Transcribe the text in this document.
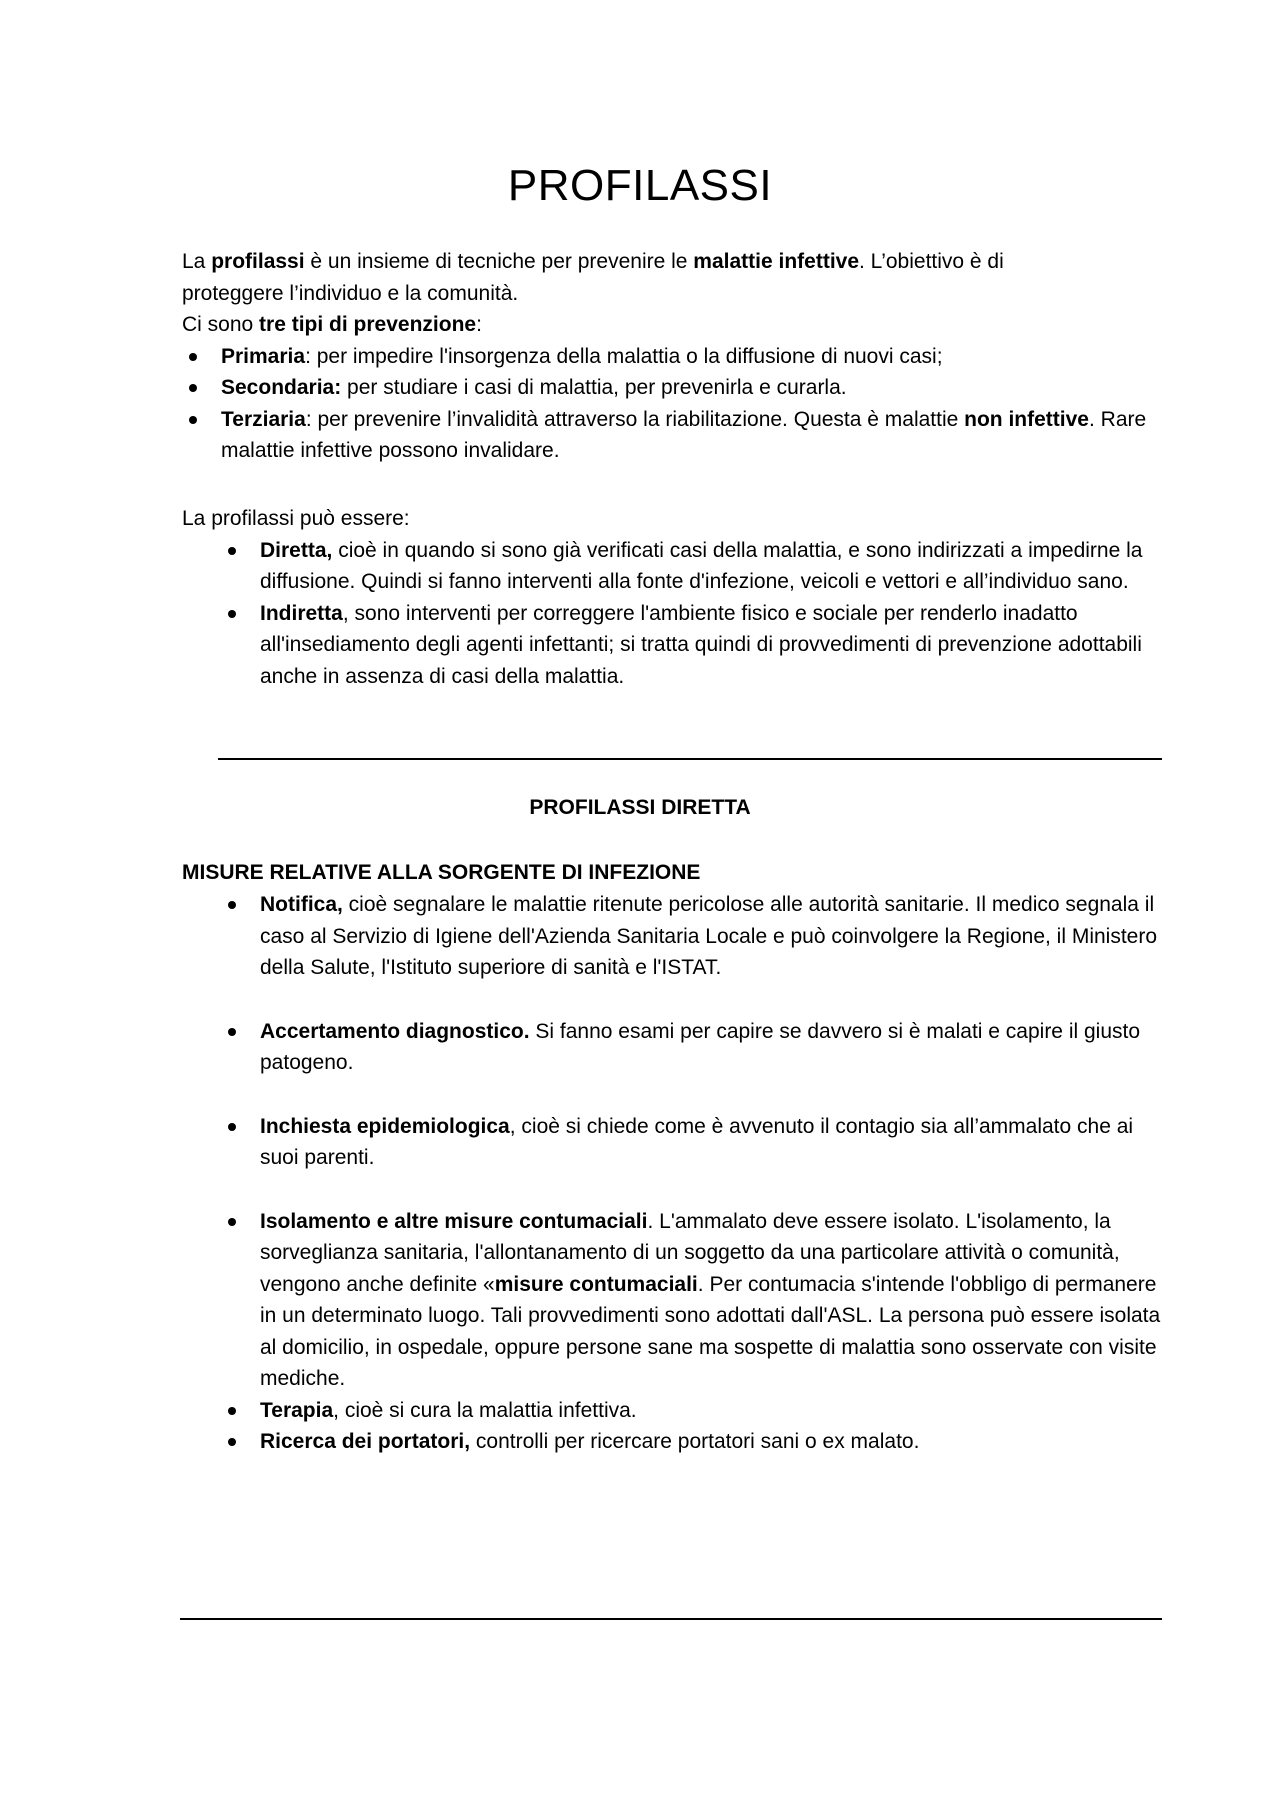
PROFILASSI

La profilassi è un insieme di tecniche per prevenire le malattie infettive. L’obiettivo è di
proteggere l’individuo e la comunità.
Ci sono tre tipi di prevenzione:

Primaria: per impedire l'insorgenza della malattia o la diffusione di nuovi casi;
Secondaria: per studiare i casi di malattia, per prevenirla e curarla.
Terziaria: per prevenire l’invalidità attraverso la riabilitazione. Questa è malattie non infettive. Rare malattie infettive possono invalidare.

La profilassi può essere:

Diretta, cioè in quando si sono già verificati casi della malattia, e sono indirizzati a impedirne la diffusione. Quindi si fanno interventi alla fonte d'infezione, veicoli e vettori e all’individuo sano.
Indiretta, sono interventi per correggere l'ambiente fisico e sociale per renderlo inadatto all'insediamento degli agenti infettanti; si tratta quindi di provvedimenti di prevenzione adottabili anche in assenza di casi della malattia.
PROFILASSI DIRETTA
MISURE RELATIVE ALLA SORGENTE DI INFEZIONE
Notifica, cioè segnalare le malattie ritenute pericolose alle autorità sanitarie. Il medico segnala il caso al Servizio di Igiene dell'Azienda Sanitaria Locale e può coinvolgere la Regione, il Ministero della Salute, l'Istituto superiore di sanità e l'ISTAT.
Accertamento diagnostico. Si fanno esami per capire se davvero si è malati e capire il giusto patogeno.
Inchiesta epidemiologica, cioè si chiede come è avvenuto il contagio sia all’ammalato che ai suoi parenti.
Isolamento e altre misure contumaciali. L'ammalato deve essere isolato. L'isolamento, la sorveglianza sanitaria, l'allontanamento di un soggetto da una particolare attività o comunità, vengono anche definite «misure contumaciali. Per contumacia s'intende l'obbligo di permanere in un determinato luogo. Tali provvedimenti sono adottati dall'ASL. La persona può essere isolata al domicilio, in ospedale, oppure persone sane ma sospette di malattia sono osservate con visite mediche.
Terapia, cioè si cura la malattia infettiva.
Ricerca dei portatori, controlli per ricercare portatori sani o ex malato.
